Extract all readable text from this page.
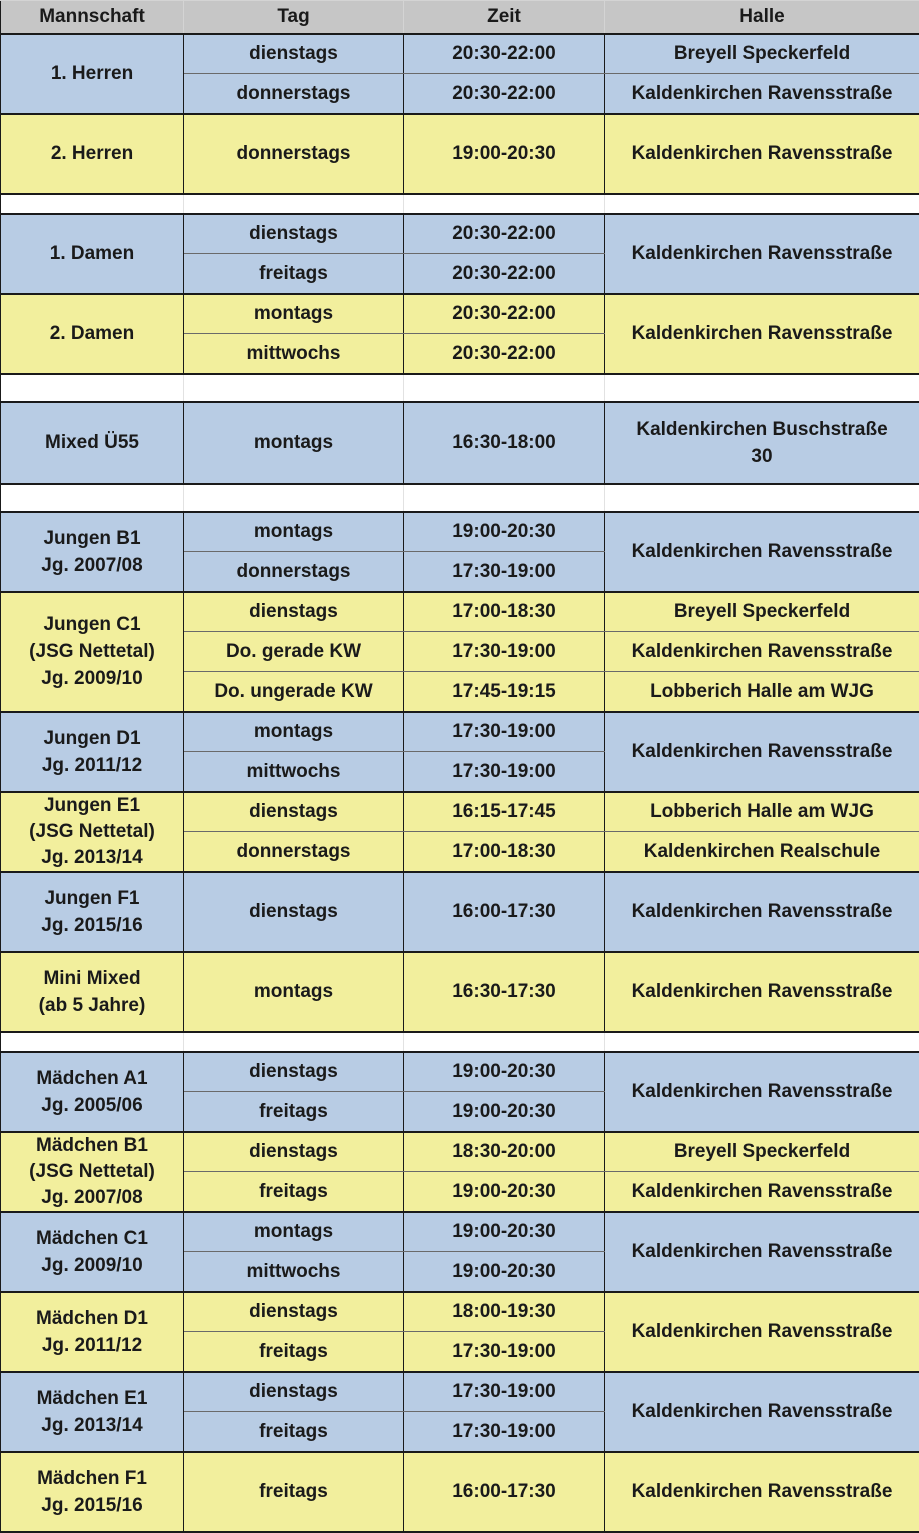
Mannschaft	Tag	Zeit	Halle
1. Herren	dienstags	20:30-22:00	Breyell Speckerfeld
	donnerstags	20:30-22:00	Kaldenkirchen Ravensstraße
2. Herren	donnerstags	19:00-20:30	Kaldenkirchen Ravensstraße

1. Damen	dienstags	20:30-22:00	Kaldenkirchen Ravensstraße
	freitags	20:30-22:00	
2. Damen	montags	20:30-22:00	Kaldenkirchen Ravensstraße
	mittwochs	20:30-22:00	

Mixed Ü55	montags	16:30-18:00	Kaldenkirchen Buschstraße
30

Jungen B1
Jg. 2007/08	montags	19:00-20:30	Kaldenkirchen Ravensstraße
	donnerstags	17:30-19:00	

Jungen C1
(JSG Nettetal)
Jg. 2009/10	dienstags	17:00-18:30	Breyell Speckerfeld
	Do. gerade KW	17:30-19:00	Kaldenkirchen Ravensstraße
	Do. ungerade KW	17:45-19:15	Lobberich Halle am WJG

Jungen D1
Jg. 2011/12	montags	17:30-19:00	Kaldenkirchen Ravensstraße
	mittwochs	17:30-19:00	

Jungen E1
(JSG Nettetal)
Jg. 2013/14	dienstags	16:15-17:45	Lobberich Halle am WJG
	donnerstags	17:00-18:30	Kaldenkirchen Realschule

Jungen F1
Jg. 2015/16	dienstags	16:00-17:30	Kaldenkirchen Ravensstraße

Mini Mixed
(ab 5 Jahre)	montags	16:30-17:30	Kaldenkirchen Ravensstraße

Mädchen A1
Jg. 2005/06	dienstags	19:00-20:30	Kaldenkirchen Ravensstraße
	freitags	19:00-20:30	

Mädchen B1
(JSG Nettetal)
Jg. 2007/08	dienstags	18:30-20:00	Breyell Speckerfeld
	freitags	19:00-20:30	Kaldenkirchen Ravensstraße

Mädchen C1
Jg. 2009/10	montags	19:00-20:30	Kaldenkirchen Ravensstraße
	mittwochs	19:00-20:30	

Mädchen D1
Jg. 2011/12	dienstags	18:00-19:30	Kaldenkirchen Ravensstraße
	freitags	17:30-19:00	

Mädchen E1
Jg. 2013/14	dienstags	17:30-19:00	Kaldenkirchen Ravensstraße
	freitags	17:30-19:00	

Mädchen F1
Jg. 2015/16	freitags	16:00-17:30	Kaldenkirchen Ravensstraße
